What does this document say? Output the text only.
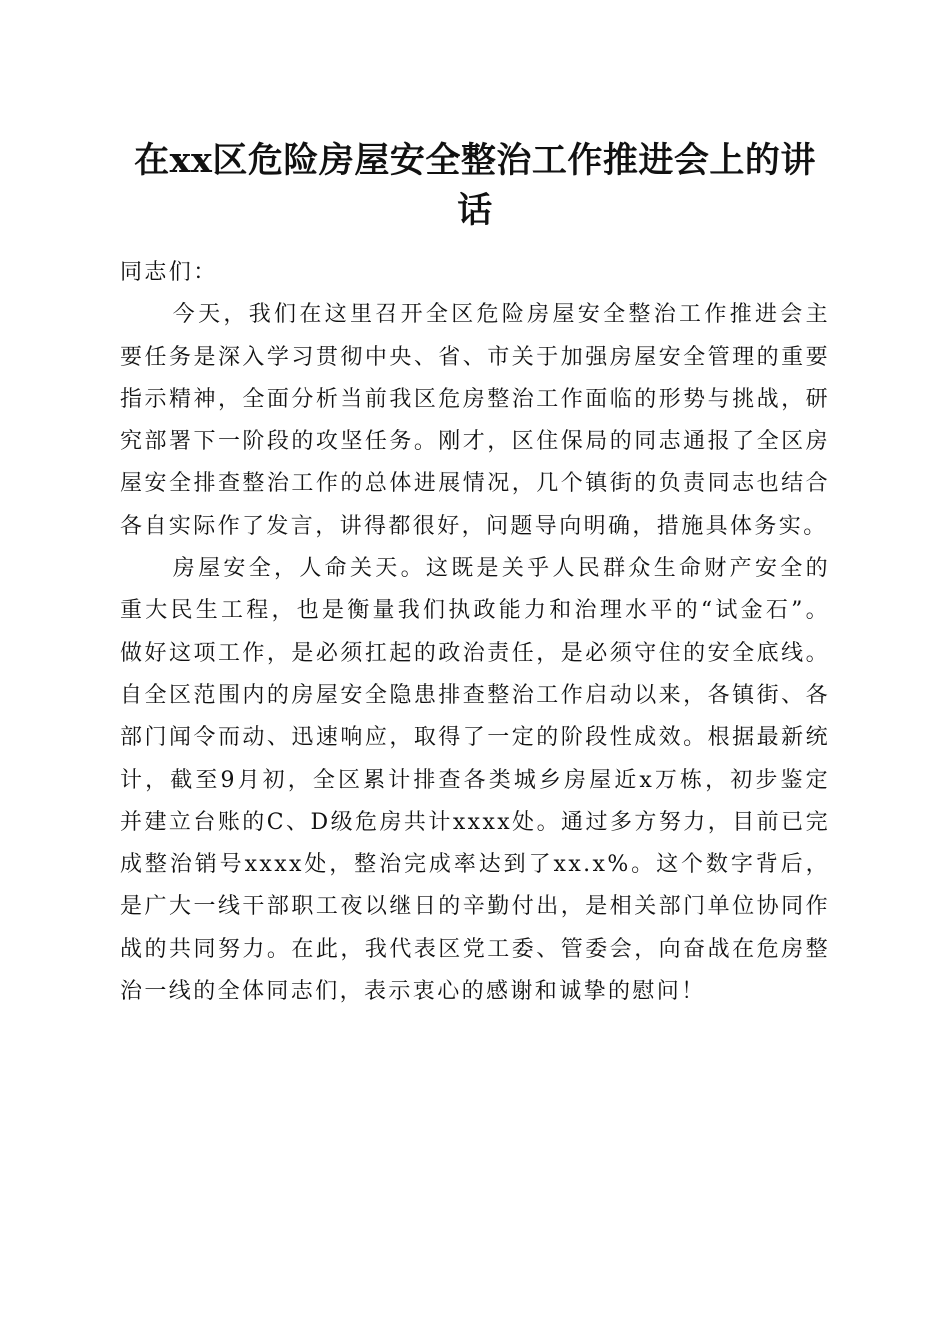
在xx区危险房屋安全整治工作推进会上的讲话

同志们：

今天，我们在这里召开全区危险房屋安全整治工作推进会主要任务是深入学习贯彻中央、省、市关于加强房屋安全管理的重要指示精神，全面分析当前我区危房整治工作面临的形势与挑战，研究部署下一阶段的攻坚任务。刚才，区住保局的同志通报了全区房屋安全排查整治工作的总体进展情况，几个镇街的负责同志也结合各自实际作了发言，讲得都很好，问题导向明确，措施具体务实。

房屋安全，人命关天。这既是关乎人民群众生命财产安全的重大民生工程，也是衡量我们执政能力和治理水平的“试金石”。做好这项工作，是必须扛起的政治责任，是必须守住的安全底线。自全区范围内的房屋安全隐患排查整治工作启动以来，各镇街、各部门闻令而动、迅速响应，取得了一定的阶段性成效。根据最新统计，截至9月初，全区累计排查各类城乡房屋近x万栋，初步鉴定并建立台账的C、D级危房共计xxxx处。通过多方努力，目前已完成整治销号xxxx处，整治完成率达到了xx.x%。这个数字背后，是广大一线干部职工夜以继日的辛勤付出，是相关部门单位协同作战的共同努力。在此，我代表区党工委、管委会，向奋战在危房整治一线的全体同志们，表示衷心的感谢和诚挚的慰问！
